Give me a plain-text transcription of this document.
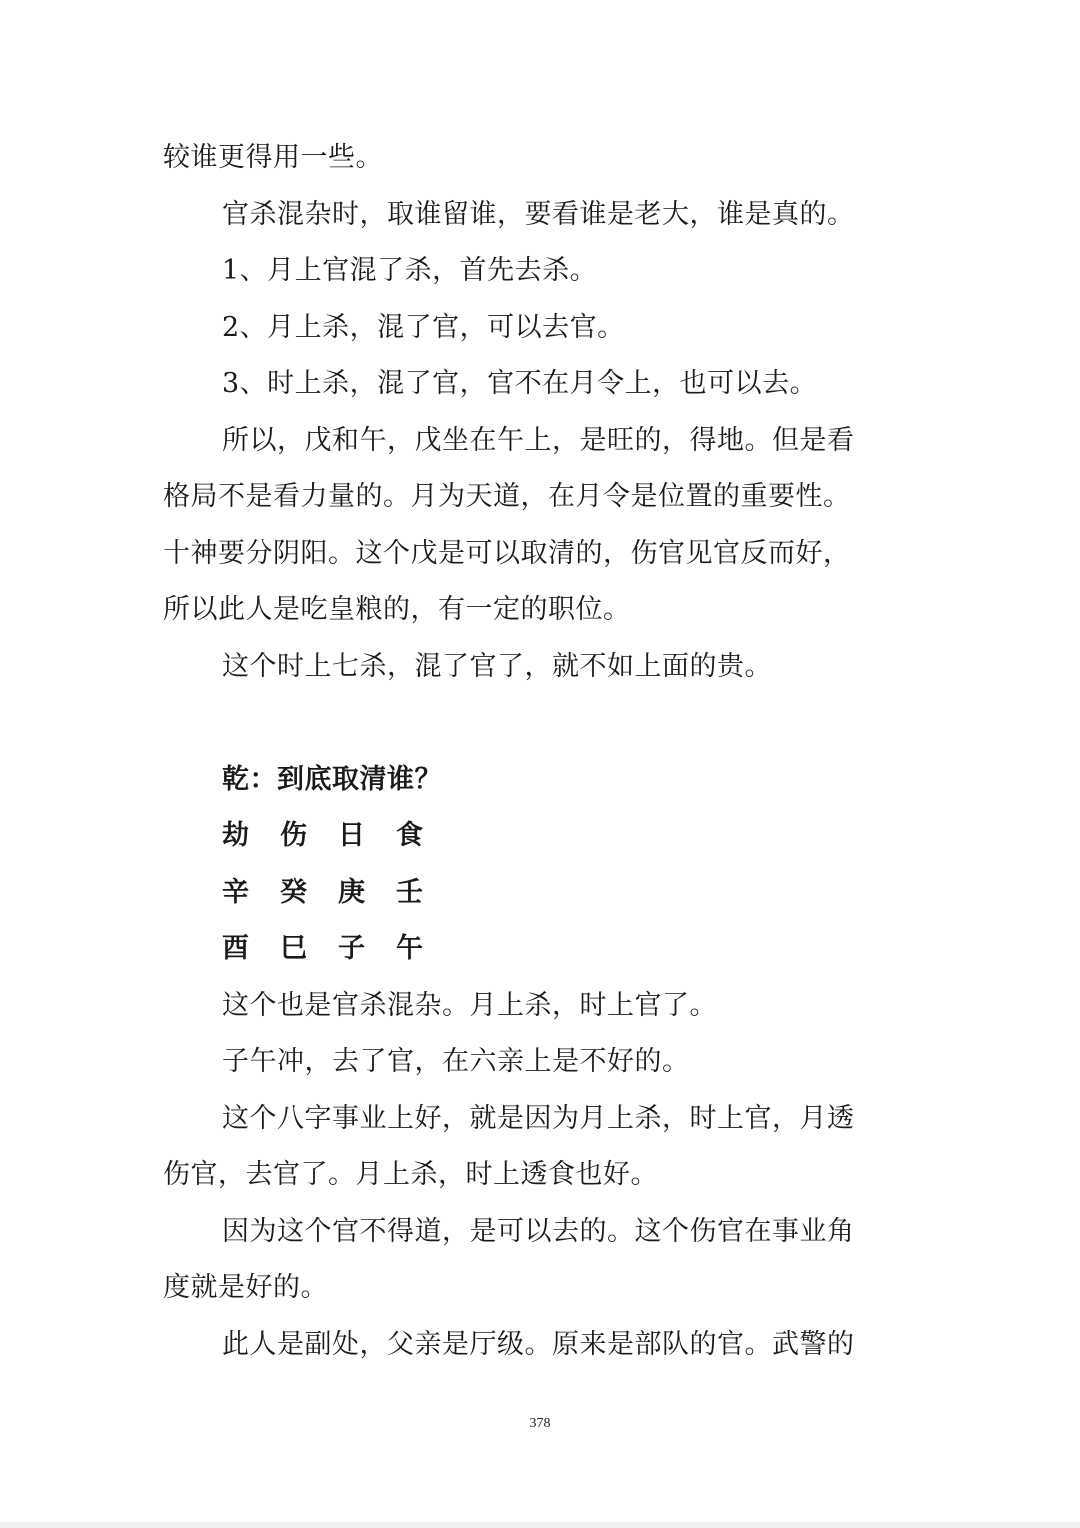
较谁更得用一些。
官杀混杂时，取谁留谁，要看谁是老大，谁是真的。
1、月上官混了杀，首先去杀。
2、月上杀，混了官，可以去官。
3、时上杀，混了官，官不在月令上，也可以去。
所以，戊和午，戊坐在午上，是旺的，得地。但是看
格局不是看力量的。月为天道，在月令是位置的重要性。
十神要分阴阳。这个戊是可以取清的，伤官见官反而好，
所以此人是吃皇粮的，有一定的职位。
这个时上七杀，混了官了，就不如上面的贵。
乾：到底取清谁？
劫	伤	日	食
辛	癸	庚	壬
酉	巳	子	午
这个也是官杀混杂。月上杀，时上官了。
子午冲，去了官，在六亲上是不好的。
这个八字事业上好，就是因为月上杀，时上官，月透
伤官，去官了。月上杀，时上透食也好。
因为这个官不得道，是可以去的。这个伤官在事业角
度就是好的。
此人是副处，父亲是厅级。原来是部队的官。武警的
378
